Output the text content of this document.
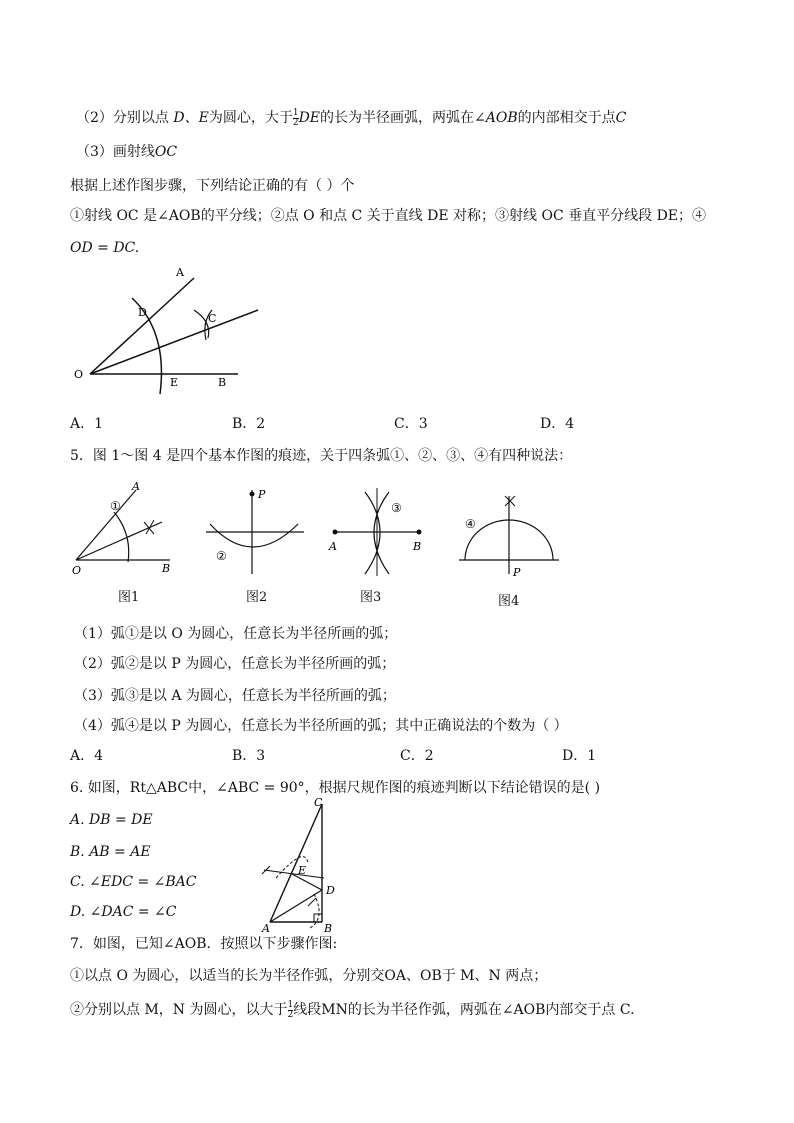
（2）分别以点 D、E为圆心，大于 $\frac{1}{2}$ DE的长为半径画弧，两弧在∠AOB的内部相交于点C
（3）画射线OC
根据上述作图步骤，下列结论正确的有（ ）个
①射线 OC 是∠AOB的平分线；②点 O 和点 C 关于直线 DE 对称；③射线 OC 垂直平分线段 DE；④
OD = DC.
A
D	C
O
E	B
A．1	B．2	C．3	D．4
5．图 1～图 4 是四个基本作图的痕迹，关于四条弧①、②、③、④有四种说法：
A
①
O	B
图1
P
②
图2
③
A	B
图3
④
P
图4
（1）弧①是以 O 为圆心，任意长为半径所画的弧；
（2）弧②是以 P 为圆心，任意长为半径所画的弧；
（3）弧③是以 A 为圆心，任意长为半径所画的弧；
（4）弧④是以 P 为圆心，任意长为半径所画的弧；其中正确说法的个数为（ ）
A．4	B．3	C．2	D．1
6. 如图，Rt△ABC中，∠ABC = 90°，根据尺规作图的痕迹判断以下结论错误的是( )
A. DB = DE
B. AB = AE
C. ∠EDC = ∠BAC
D. ∠DAC = ∠C
C
E
D
A	B
7．如图，已知∠AOB．按照以下步骤作图:
①以点 O 为圆心，以适当的长为半径作弧，分别交OA、OB于 M、N 两点；
②分别以点 M，N 为圆心，以大于 $\frac{1}{2}$ 线段MN的长为半径作弧，两弧在∠AOB内部交于点 C.
